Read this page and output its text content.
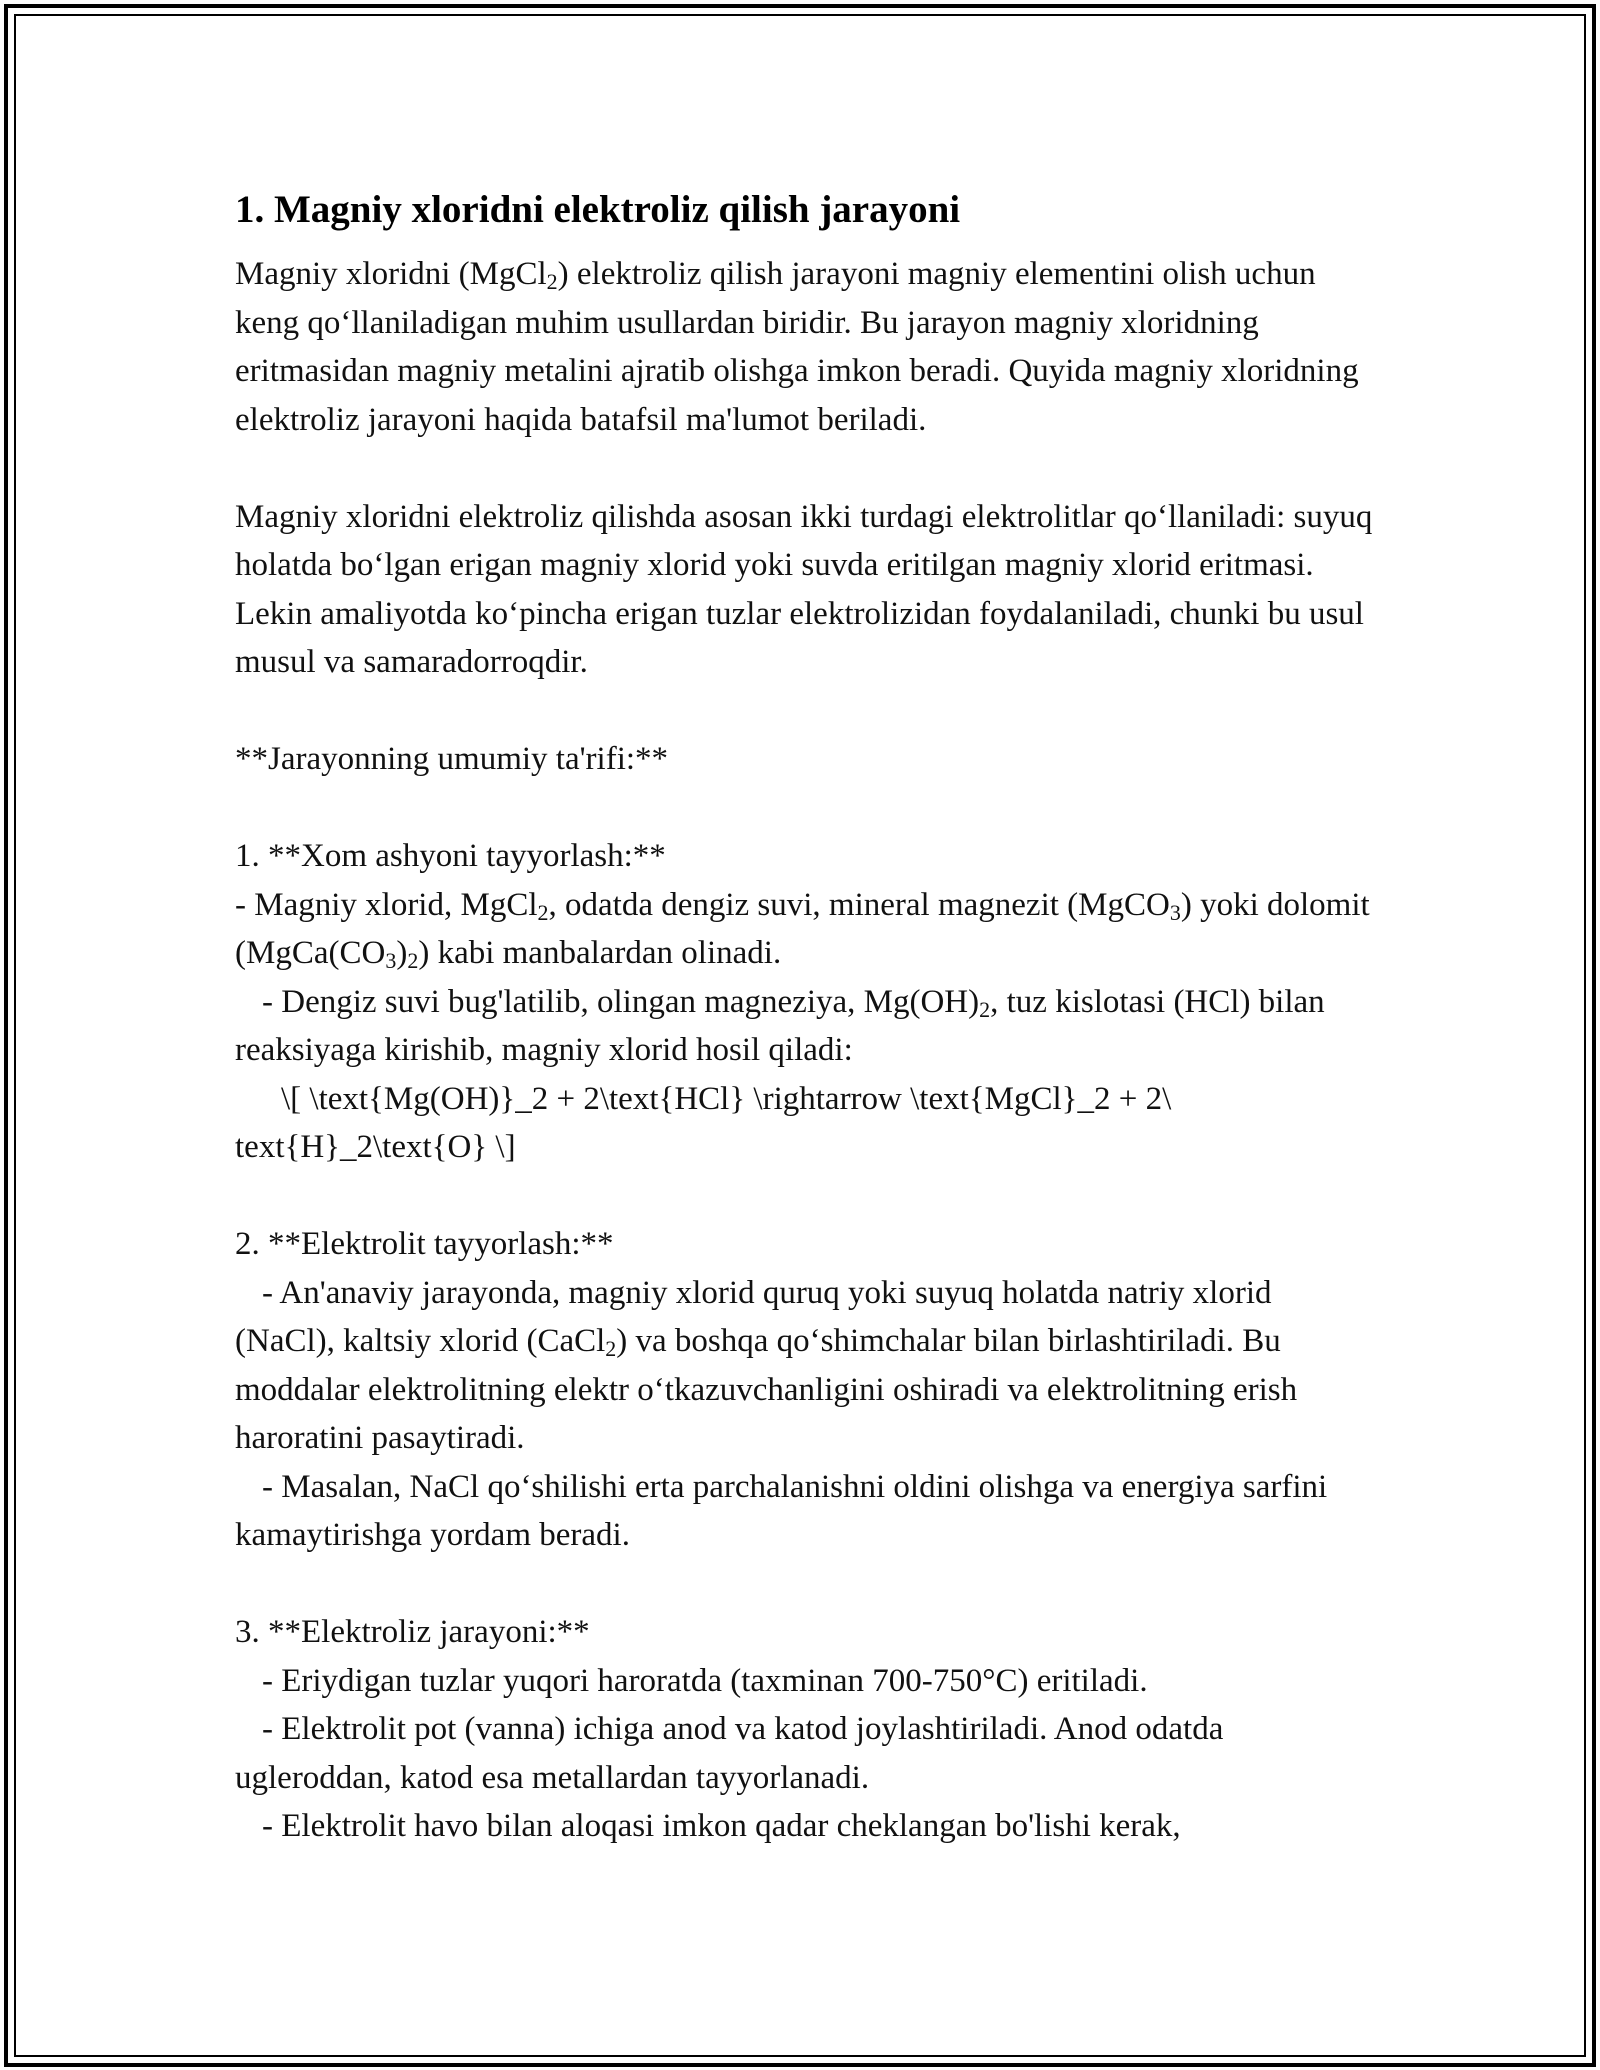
1. Magniy xloridni elektroliz qilish jarayoni

Magniy xloridni (MgCl$_2$) elektroliz qilish jarayoni magniy elementini olish uchun keng qo‘llaniladigan muhim usullardan biridir. Bu jarayon magniy xloridning eritmasidan magniy metalini ajratib olishga imkon beradi. Quyida magniy xloridning elektroliz jarayoni haqida batafsil ma'lumot beriladi.

Magniy xloridni elektroliz qilishda asosan ikki turdagi elektrolitlar qo‘llaniladi: suyuq holatda bo‘lgan erigan magniy xlorid yoki suvda eritilgan magniy xlorid eritmasi. Lekin amaliyotda ko‘pincha erigan tuzlar elektrolizidan foydalaniladi, chunki bu usul musul va samaradorroqdir.

**Jarayonning umumiy ta'rifi:**

1. **Xom ashyoni tayyorlash:**

- Magniy xlorid, MgCl$_2$, odatda dengiz suvi, mineral magnezit (MgCO$_3$) yoki dolomit $(MgCa(CO_3)_2)$ kabi manbalardan olinadi.

- Dengiz suvi bug'latilib, olingan magneziya, $Mg(OH)_2$, tuz kislotasi (HCl) bilan reaksiyaga kirishib, magniy xlorid hosil qiladi:

\[ \text{Mg(OH)}_2 + 2\text{HCl} \rightarrow \text{MgCl}_2 + 2\
text{H}_2\text{O} \]

2. **Elektrolit tayyorlash:**

- An'anaviy jarayonda, magniy xlorid quruq yoki suyuq holatda natriy xlorid (NaCl), kaltsiy xlorid (CaCl$_2$) va boshqa qo‘shimchalar bilan birlashtiriladi. Bu moddalar elektrolitning elektr o‘tkazuvchanligini oshiradi va elektrolitning erish haroratini pasaytiradi.

- Masalan, NaCl qo‘shilishi erta parchalanishni oldini olishga va energiya sarfini kamaytirishga yordam beradi.

3. **Elektroliz jarayoni:**

- Eriydigan tuzlar yuqori haroratda (taxminan 700-750°C) eritiladi.

- Elektrolit pot (vanna) ichiga anod va katod joylashtiriladi. Anod odatda ugleroddan, katod esa metallardan tayyorlanadi.

- Elektrolit havo bilan aloqasi imkon qadar cheklangan bo'lishi kerak,
